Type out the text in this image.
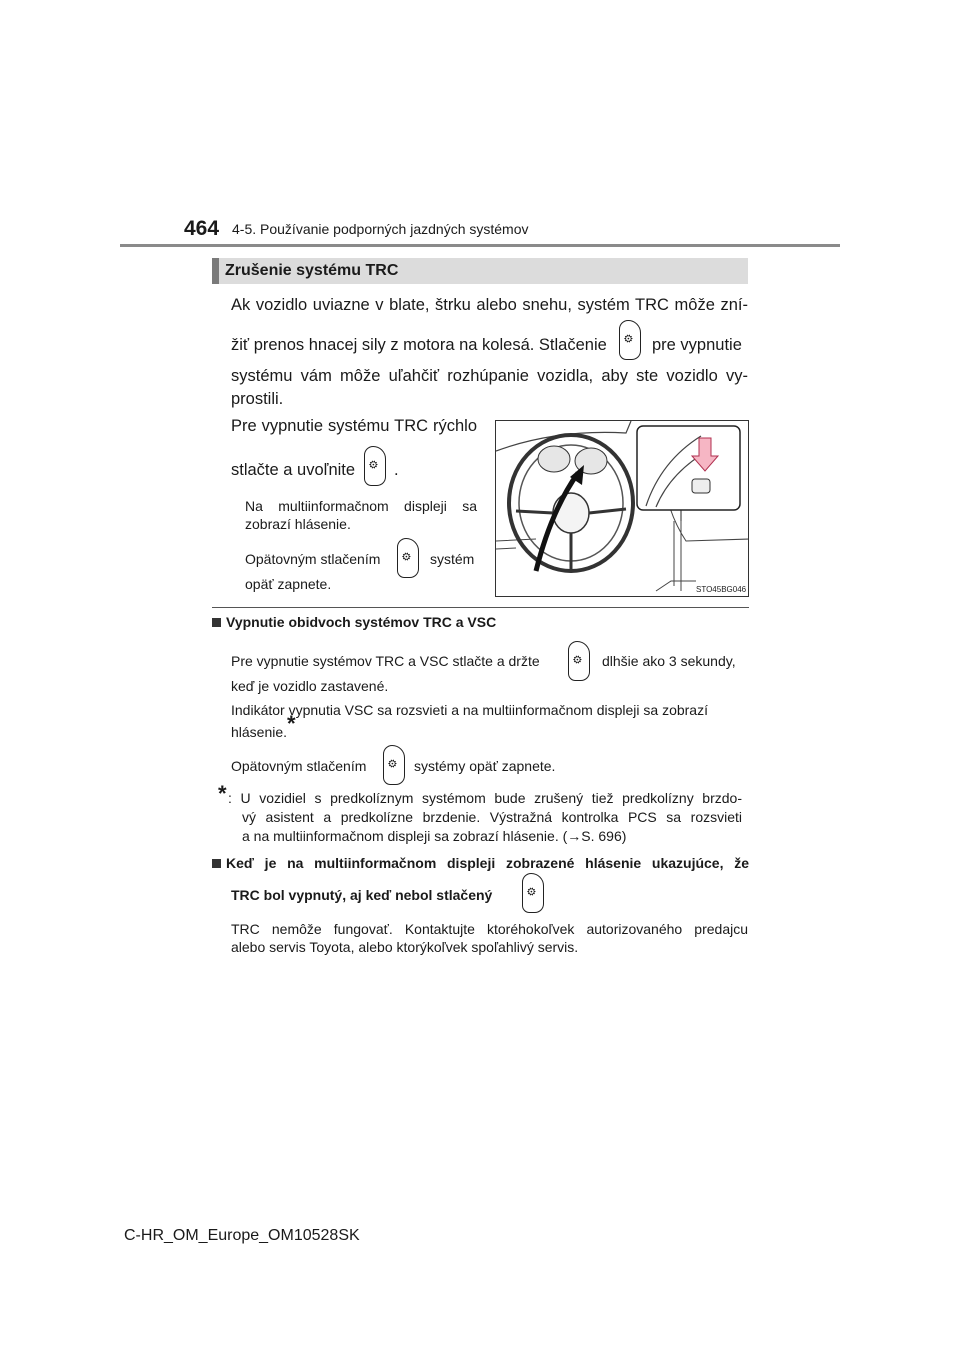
464 4-5. Používanie podporných jazdných systémov
Zrušenie systému TRC
Ak vozidlo uviazne v blate, štrku alebo snehu, systém TRC môže zní-
žiť prenos hnacej sily z motora na kolesá. Stlačenie ⚙	pre vypnutie
systému vám môže uľahčiť rozhúpanie vozidla, aby ste vozidlo vy-
prostili.
Pre vypnutie systému TRC rýchlo
stlačte a uvoľnite ⚙ .
Na multiinformačnom displeji sa
zobrazí hlásenie.
Opätovným stlačením ⚙	systém
opäť zapnete.	STO45BG046
Vypnutie obidvoch systémov TRC a VSC
Pre vypnutie systémov TRC a VSC stlačte a držte ⚙	dlhšie ako 3 sekundy,
keď je vozidlo zastavené.
Indikátor vypnutia VSC sa rozsvieti a na multiinformačnom displeji sa zobrazí
hlásenie.*
Opätovným stlačením ⚙	systémy opäť zapnete.
* : U vozidiel s predkolíznym systémom bude zrušený tiež predkolízny brzdo-
vý asistent a predkolízne brzdenie. Výstražná kontrolka PCS sa rozsvieti
a na multiinformačnom displeji sa zobrazí hlásenie. (→S. 696)
Keď je na multiinformačnom displeji zobrazené hlásenie ukazujúce, že
TRC bol vypnutý, aj keď nebol stlačený
⚙
TRC nemôže fungovať. Kontaktujte ktoréhokoľvek autorizovaného predajcu
alebo servis Toyota, alebo ktorýkoľvek spoľahlivý servis.
C-HR_OM_Europe_OM10528SK
